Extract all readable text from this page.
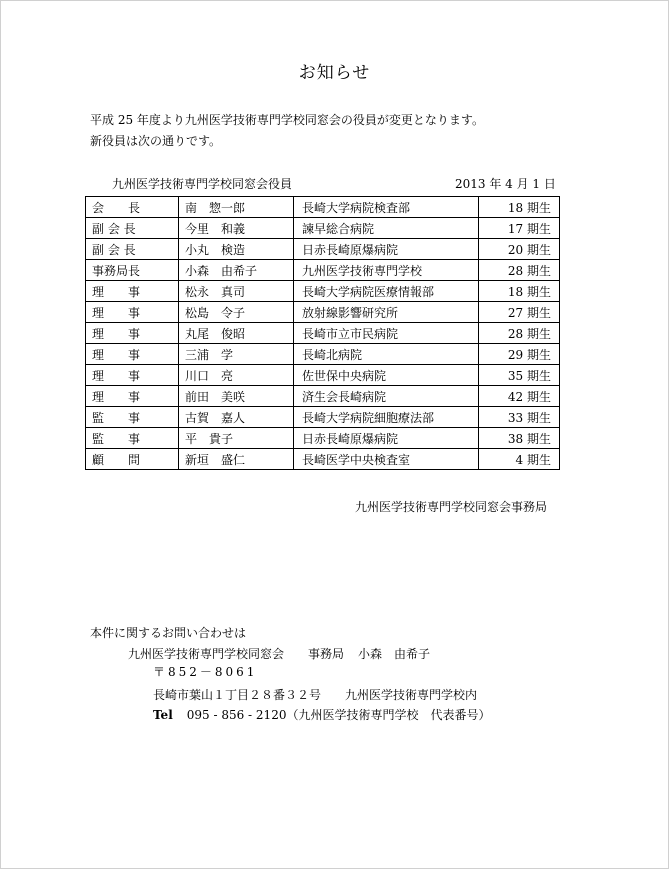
お知らせ
平成 25 年度より九州医学技術専門学校同窓会の役員が変更となります。
新役員は次の通りです。
九州医学技術専門学校同窓会役員	2013 年 4 月 1 日
会　　長	南　惣一郎	長崎大学病院検査部	18 期生
副 会 長	今里　和義	諫早総合病院	17 期生
副 会 長	小丸　検造	日赤長崎原爆病院	20 期生
事務局長	小森　由希子	九州医学技術専門学校	28 期生
理　　事	松永　真司	長崎大学病院医療情報部	18 期生
理　　事	松島　令子	放射線影響研究所	27 期生
理　　事	丸尾　俊昭	長崎市立市民病院	28 期生
理　　事	三浦　学	長崎北病院	29 期生
理　　事	川口　亮	佐世保中央病院	35 期生
理　　事	前田　美咲	済生会長崎病院	42 期生
監　　事	古賀　嘉人	長崎大学病院細胞療法部	33 期生
監　　事	平　貴子	日赤長崎原爆病院	38 期生
顧　　問	新垣　盛仁	長崎医学中央検査室	4 期生
九州医学技術専門学校同窓会事務局
本件に関するお問い合わせは
九州医学技術専門学校同窓会 事務局 小森　由希子
〒852－8061
長崎市葉山１丁目２８番３２号 九州医学技術専門学校内
Tel 095 - 856 - 2120（九州医学技術専門学校　代表番号）
